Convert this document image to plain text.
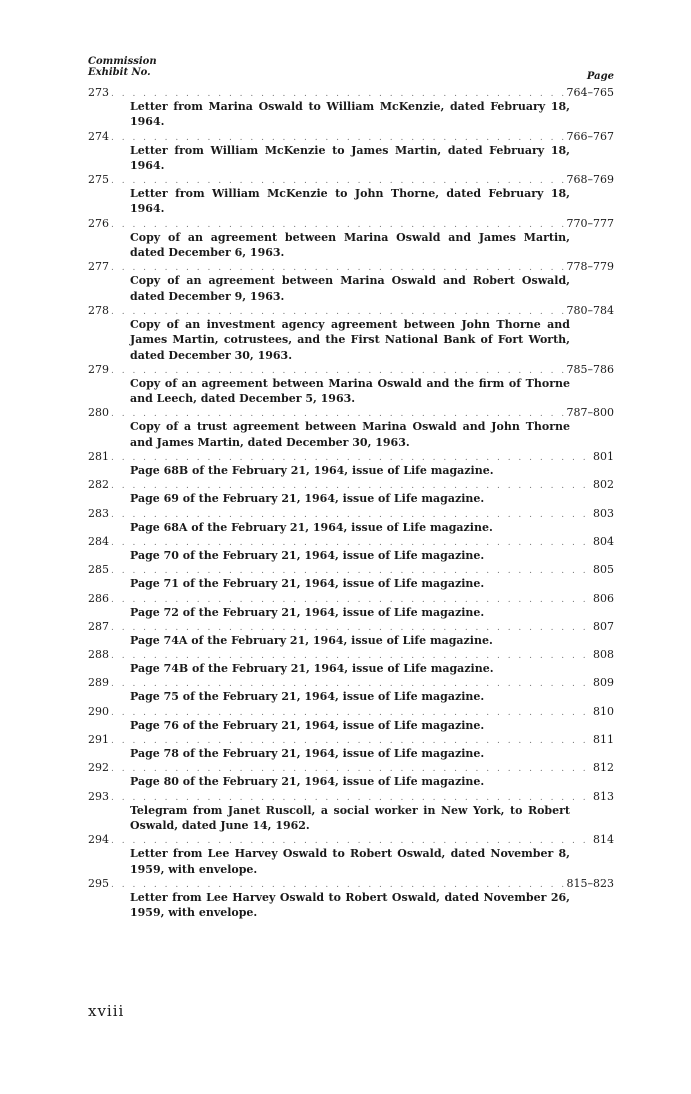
Commission
Exhibit No.	Page
273 . . .	764–765
Letter from Marina Oswald to William McKenzie, dated February 18, 1964.
274 . . .	766–767
Letter from William McKenzie to James Martin, dated February 18, 1964.
275 . . .	768–769
Letter from William McKenzie to John Thorne, dated February 18, 1964.
276 . . .	770–777
Copy of an agreement between Marina Oswald and James Martin, dated December 6, 1963.
277 . . .	778–779
Copy of an agreement between Marina Oswald and Robert Oswald, dated December 9, 1963.
278 . . .	780–784
Copy of an investment agency agreement between John Thorne and James Martin, cotrustees, and the First National Bank of Fort Worth, dated December 30, 1963.
279 . . .	785–786
Copy of an agreement between Marina Oswald and the firm of Thorne and Leech, dated December 5, 1963.
280 . . .	787–800
Copy of a trust agreement between Marina Oswald and John Thorne and James Martin, dated December 30, 1963.
281 . . .	801
Page 68B of the February 21, 1964, issue of Life magazine.
282 . . .	802
Page 69 of the February 21, 1964, issue of Life magazine.
283 . . .	803
Page 68A of the February 21, 1964, issue of Life magazine.
284 . . .	804
Page 70 of the February 21, 1964, issue of Life magazine.
285 . . .	805
Page 71 of the February 21, 1964, issue of Life magazine.
286 . . .	806
Page 72 of the February 21, 1964, issue of Life magazine.
287 . . .	807
Page 74A of the February 21, 1964, issue of Life magazine.
288 . . .	808
Page 74B of the February 21, 1964, issue of Life magazine.
289 . . .	809
Page 75 of the February 21, 1964, issue of Life magazine.
290 . . .	810
Page 76 of the February 21, 1964, issue of Life magazine.
291 . . .	811
Page 78 of the February 21, 1964, issue of Life magazine.
292 . . .	812
Page 80 of the February 21, 1964, issue of Life magazine.
293 . . .	813
Telegram from Janet Ruscoll, a social worker in New York, to Robert Oswald, dated June 14, 1962.
294 . . .	814
Letter from Lee Harvey Oswald to Robert Oswald, dated November 8, 1959, with envelope.
295 . . .	815–823
Letter from Lee Harvey Oswald to Robert Oswald, dated November 26, 1959, with envelope.
xviii
